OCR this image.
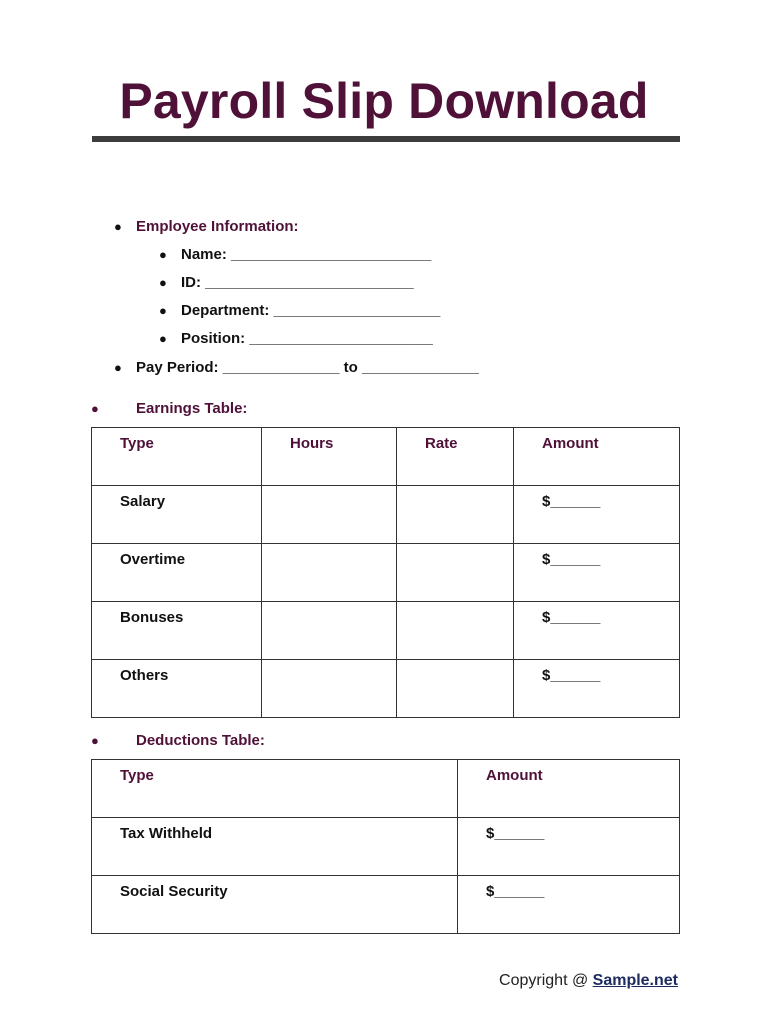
Payroll Slip Download
● Employee Information:
● Name: ________________________
● ID: _________________________
● Department: ____________________
● Position: ______________________
● Pay Period: ______________ to ______________
● Earnings Table:
Type	Hours	Rate	Amount
Salary			$______
Overtime			$______
Bonuses			$______
Others			$______
● Deductions Table:
Type	Amount
Tax Withheld	$______
Social Security	$______
Copyright @ Sample.net
